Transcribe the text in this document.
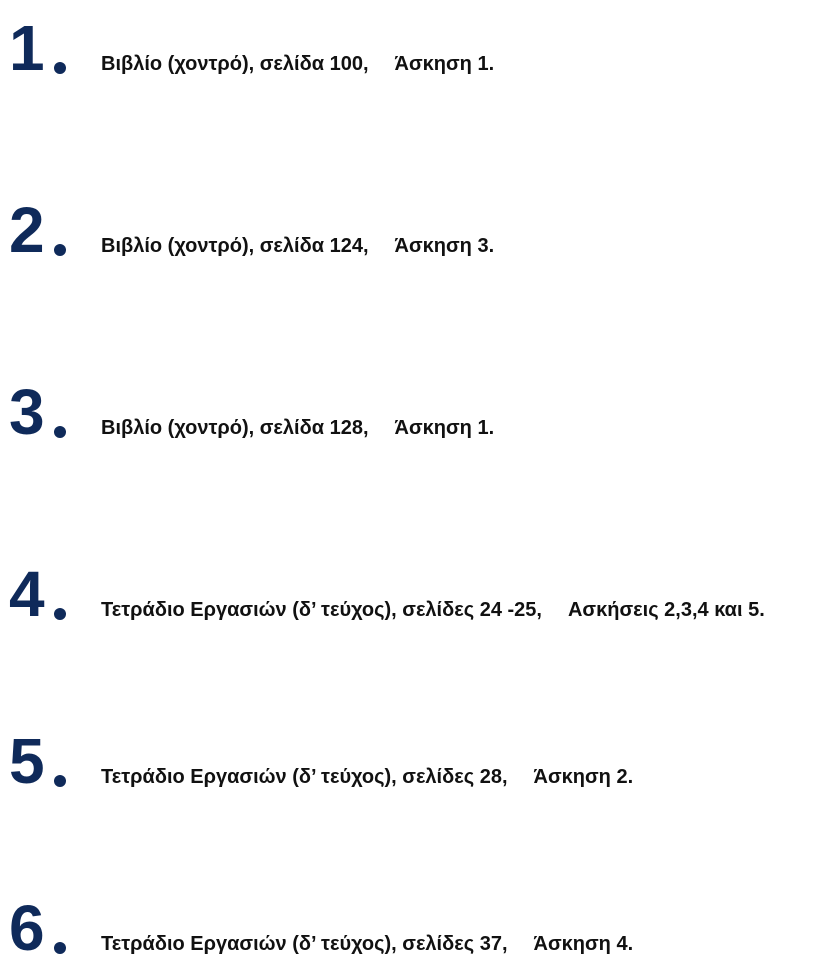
1	Βιβλίο (χοντρό), σελίδα 100, Άσκηση 1.
2	Βιβλίο (χοντρό), σελίδα 124, Άσκηση 3.
3	Βιβλίο (χοντρό), σελίδα 128, Άσκηση 1.
4	Τετράδιο Εργασιών (δ’ τεύχος), σελίδες 24 -25, Ασκήσεις 2,3,4 και 5.
5	Τετράδιο Εργασιών (δ’ τεύχος), σελίδες 28, Άσκηση 2.
6	Τετράδιο Εργασιών (δ’ τεύχος), σελίδες 37, Άσκηση 4.
